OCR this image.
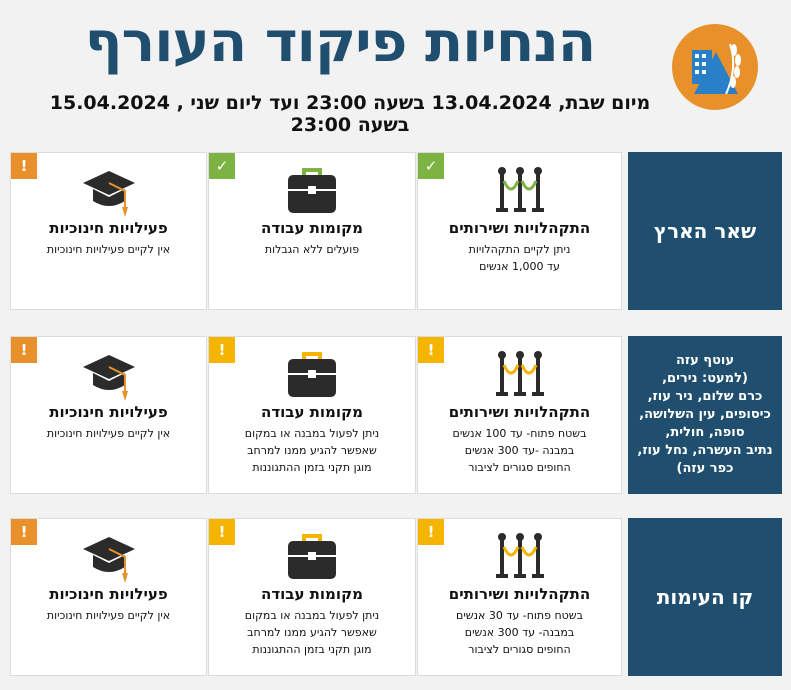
הנחיות פיקוד העורף
מיום שבת, 13.04.2024 בשעה 23:00 ועד ליום שני , 15.04.2024 בשעה 23:00
שאר הארץ
✓
התקהלויות ושירותים
ניתן לקיים התקהלויות
עד 1,000 אנשים
✓
מקומות עבודה
פועלים ללא הגבלות
!
פעילויות חינוכיות
אין לקיים פעילויות חינוכיות
עוטף עזה
(למעט: נירים,
כרם שלום, ניר עוז,
כיסופים, עין השלושה,
סופה, חולית,
נתיב העשרה, נחל עוז,
כפר עזה)
!
התקהלויות ושירותים
בשטח פתוח- עד 100 אנשים
במבנה -עד 300 אנשים
החופים סגורים לציבור
!
מקומות עבודה
ניתן לפעול במבנה או במקום
שאפשר להגיע ממנו למרחב
מוגן תקני בזמן ההתגוננות
!
פעילויות חינוכיות
אין לקיים פעילויות חינוכיות
קו העימות
!
התקהלויות ושירותים
בשטח פתוח- עד 30 אנשים
במבנה- עד 300 אנשים
החופים סגורים לציבור
!
מקומות עבודה
ניתן לפעול במבנה או במקום
שאפשר להגיע ממנו למרחב
מוגן תקני בזמן ההתגוננות
!
פעילויות חינוכיות
אין לקיים פעילויות חינוכיות
